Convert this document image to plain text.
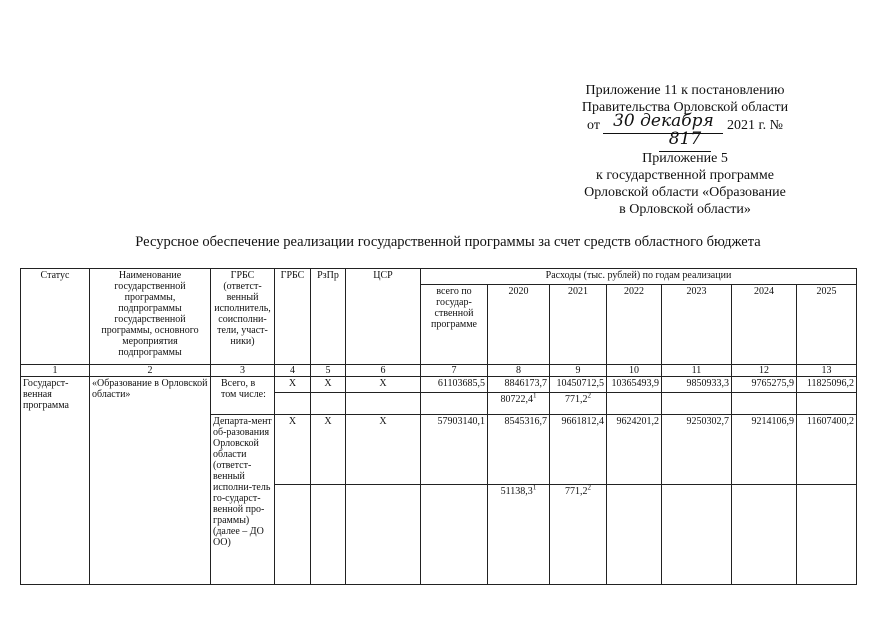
Приложение 11 к постановлению
Правительства Орловской области
от 30 декабря 2021 г. № 817
Приложение 5
к государственной программе
Орловской области «Образование
в Орловской области»
Ресурсное обеспечение реализации государственной программы за счет средств областного бюджета
Статус	Наименование государственной программы, подпрограммы государственной программы, основного мероприятия подпрограммы	ГРБС (ответст-венный исполнитель, соисполни-тели, участ-ники)	ГРБС	РзПр	ЦСР	Расходы (тыс. рублей) по годам реализации						
						всего по государ-ственной программе	2020	2021	2022	2023	2024	2025
1	2	3	4	5	6	7	8	9	10	11	12	13
Государст-венная программа	«Образование в Орловской области»	Всего, в том числе:	Х	Х	Х	61103685,5	8846173,7	10450712,5	10365493,9	9850933,3	9765275,9	11825096,2
							80722,4$^1$	771,2$^2$				
		Департа-мент об-разования Орловской области (ответст-венный исполни-тель го-сударст-венной про-граммы) (далее – ДО ОО)	Х	Х	Х	57903140,1	8545316,7	9661812,4	9624201,2	9250302,7	9214106,9	11607400,2
							51138,3$^1$	771,2$^2$				
